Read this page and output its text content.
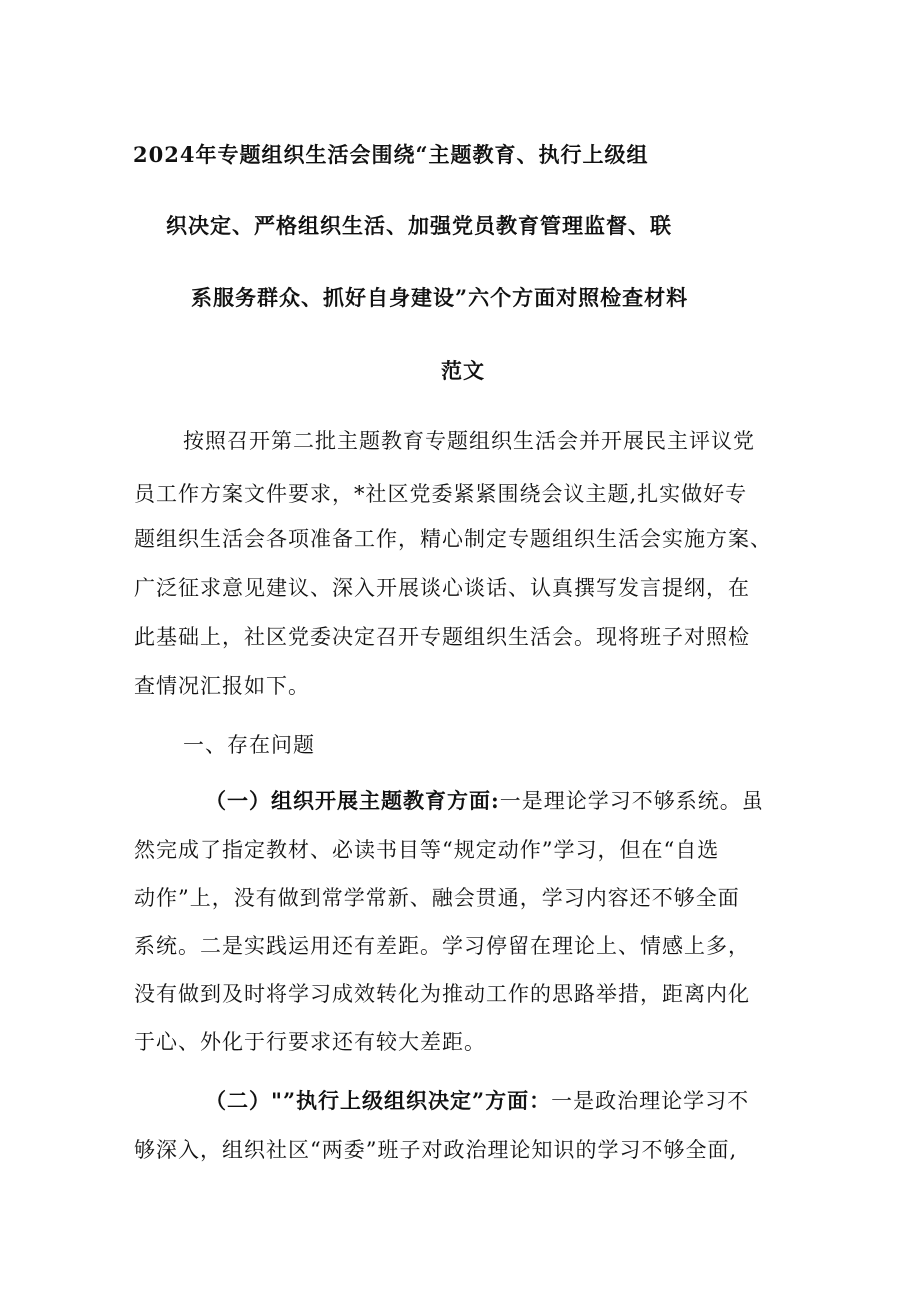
2024年专题组织生活会围绕“主题教育、执行上级组
织决定、严格组织生活、加强党员教育管理监督、联
系服务群众、抓好自身建设”六个方面对照检查材料
范文
按照召开第二批主题教育专题组织生活会并开展民主评议党
员工作方案文件要求，*社区党委紧紧围绕会议主题,扎实做好专
题组织生活会各项准备工作，精心制定专题组织生活会实施方案、
广泛征求意见建议、深入开展谈心谈话、认真撰写发言提纲，在
此基础上，社区党委决定召开专题组织生活会。现将班子对照检
查情况汇报如下。
一、存在问题
（一）组织开展主题教育方面:一是理论学习不够系统。虽
然完成了指定教材、必读书目等“规定动作”学习，但在“自选
动作”上，没有做到常学常新、融会贯通，学习内容还不够全面
系统。二是实践运用还有差距。学习停留在理论上、情感上多，
没有做到及时将学习成效转化为推动工作的思路举措，距离内化
于心、外化于行要求还有较大差距。
（二）"”执行上级组织决定”方面：一是政治理论学习不
够深入，组织社区“两委”班子对政治理论知识的学习不够全面,
